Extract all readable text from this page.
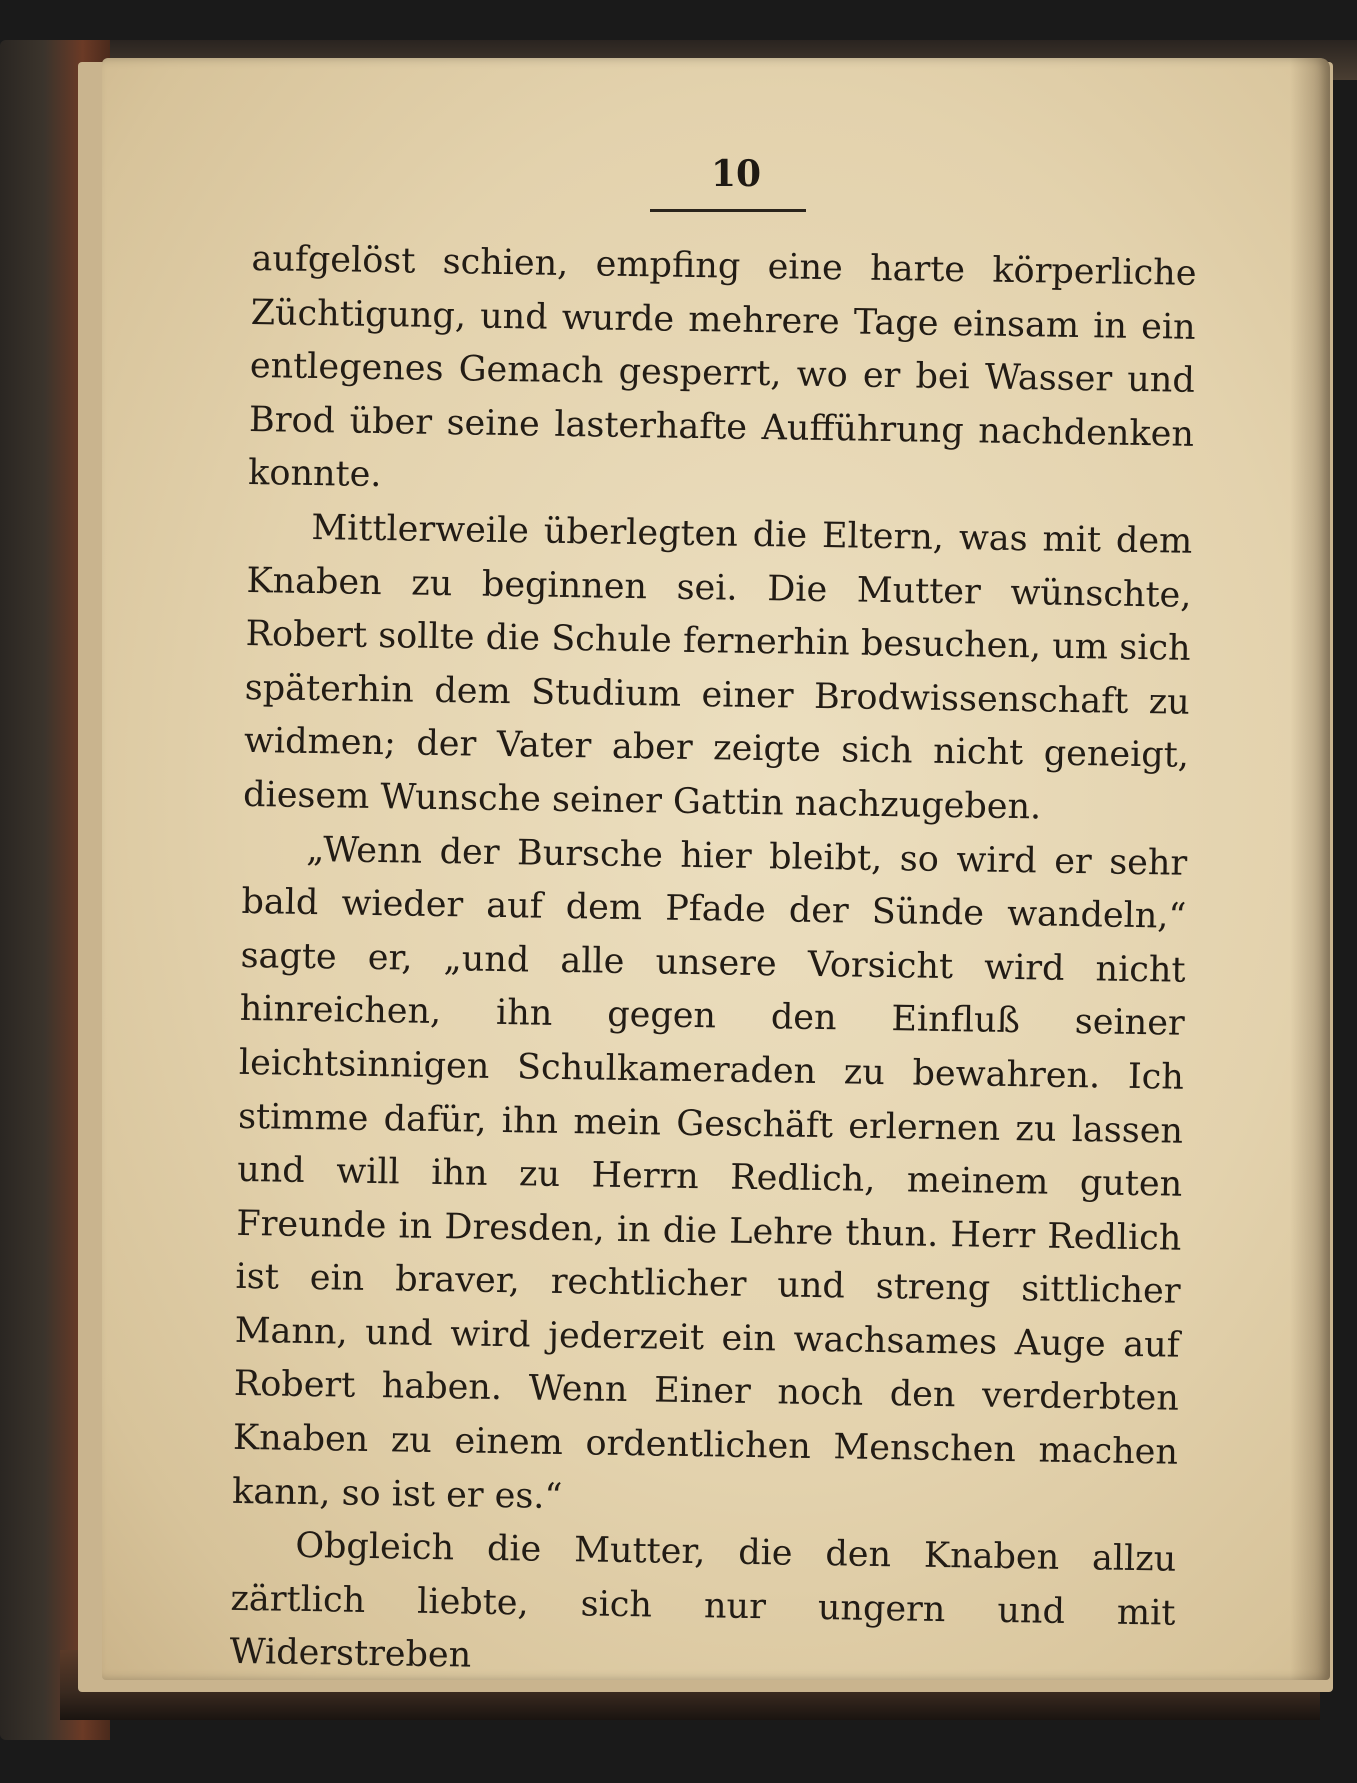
10

aufgelöst schien, empfing eine harte körperliche Züchtigung, und wurde mehrere Tage einsam in ein entlegenes Gemach gesperrt, wo er bei Wasser und Brod über seine lasterhafte Aufführung nachdenken konnte.

Mittlerweile überlegten die Eltern, was mit dem Knaben zu beginnen sei. Die Mutter wünschte, Robert sollte die Schule fernerhin besuchen, um sich späterhin dem Studium einer Brodwissenschaft zu widmen; der Vater aber zeigte sich nicht geneigt, diesem Wunsche seiner Gattin nachzugeben.

„Wenn der Bursche hier bleibt, so wird er sehr bald wieder auf dem Pfade der Sünde wandeln,“ sagte er, „und alle unsere Vorsicht wird nicht hinreichen, ihn gegen den Einfluß seiner leichtsinnigen Schulkameraden zu bewahren. Ich stimme dafür, ihn mein Geschäft erlernen zu lassen und will ihn zu Herrn Redlich, meinem guten Freunde in Dresden, in die Lehre thun. Herr Redlich ist ein braver, rechtlicher und streng sittlicher Mann, und wird jederzeit ein wachsames Auge auf Robert haben. Wenn Einer noch den verderbten Knaben zu einem ordentlichen Menschen machen kann, so ist er es.“

Obgleich die Mutter, die den Knaben allzu zärtlich liebte, sich nur ungern und mit Widerstreben
